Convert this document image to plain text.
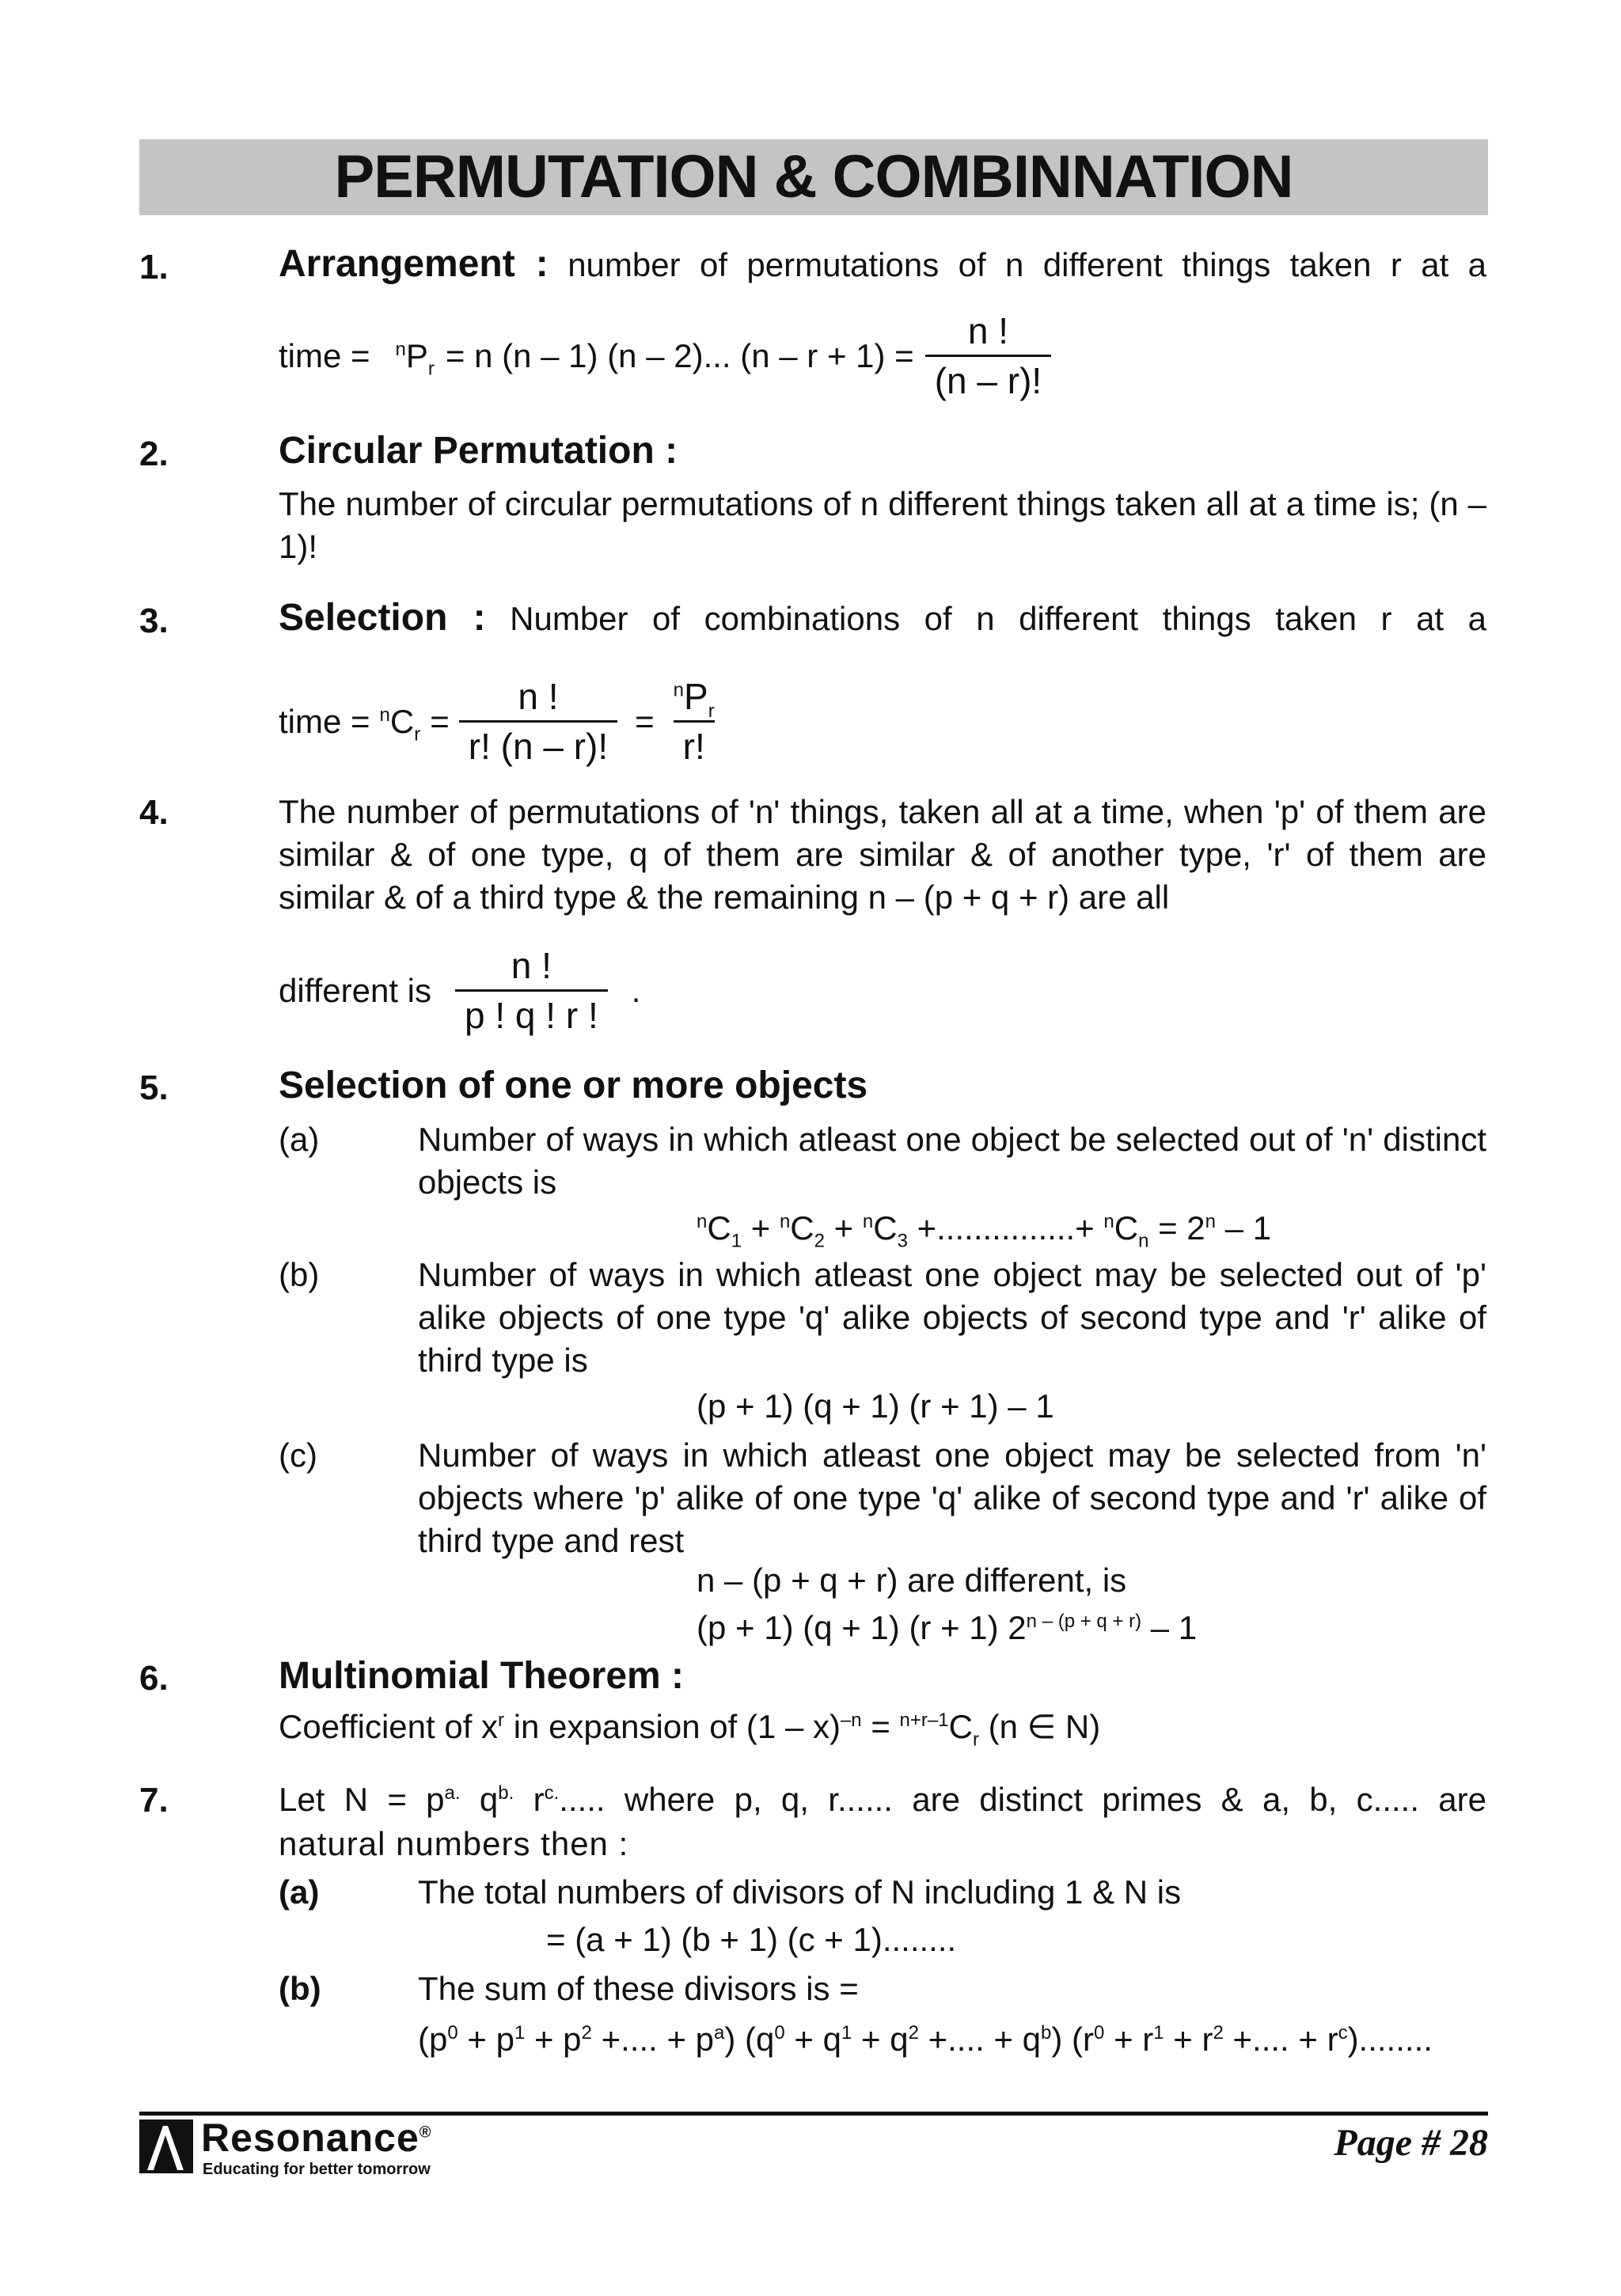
PERMUTATION & COMBINNATION
1.	Arrangement : number of permutations of n different things taken r at a
time = $^nP_r = n$ (n – 1) (n – 2)... $(n - r + 1) = \frac{n !}{(n - r)!}$
2.	Circular Permutation :
The number of circular permutations of n different things taken all at a time is; (n – 1)!
3.	Selection : Number of combinations of n different things taken r at a
time = $^nC_r = \frac{n !}{r! (n - r)!} = \frac{^nP_r}{r!}$
4.	The number of permutations of 'n' things, taken all at a time, when 'p' of them are similar & of one type, q of them are similar & of another type, 'r' of them are similar & of a third type & the remaining n – (p + q + r) are all
different is $\frac{n !}{p ! q ! r !}$ .
5.	Selection of one or more objects
(a)	Number of ways in which atleast one object be selected out of 'n' distinct objects is
$^nC_1 + ^nC_2 + ^nC_3$ +...............+ $^nC_n = 2^n - 1$
(b)	Number of ways in which atleast one object may be selected out of 'p' alike objects of one type 'q' alike objects of second type and 'r' alike of third type is
(p + 1) (q + 1) (r + 1) – 1
(c)	Number of ways in which atleast one object may be selected from 'n' objects where 'p' alike of one type 'q' alike of second type and 'r' alike of third type and rest
n – (p + q + r) are different, is
(p + 1) (q + 1) (r + 1) $2^{n - (p + q + r)} - 1$
6.	Multinomial Theorem :
Coefficient of $x^r$ in expansion of $(1 - x)^{-n} = ^{n+r-1}C_r$ (n ∈ N)
7.	Let $N = p^{a.}$ $q^{b.}$ $r^{c.}$..... where p, q, r...... are distinct primes & a, b, c..... are
natural numbers then :
(a)	The total numbers of divisors of N including 1 & N is
= (a + 1) (b + 1) (c + 1)........
(b)	The sum of these divisors is =
($p^0 + p^1 + p^2$ +.... + $p^a$) ($q^0 + q^1 + q^2$ +.... + $q^b$) ($r^0 + r^1 + r^2$ +.... + $r^c$)........
Resonance®
Educating for better tomorrow
Page # 28
